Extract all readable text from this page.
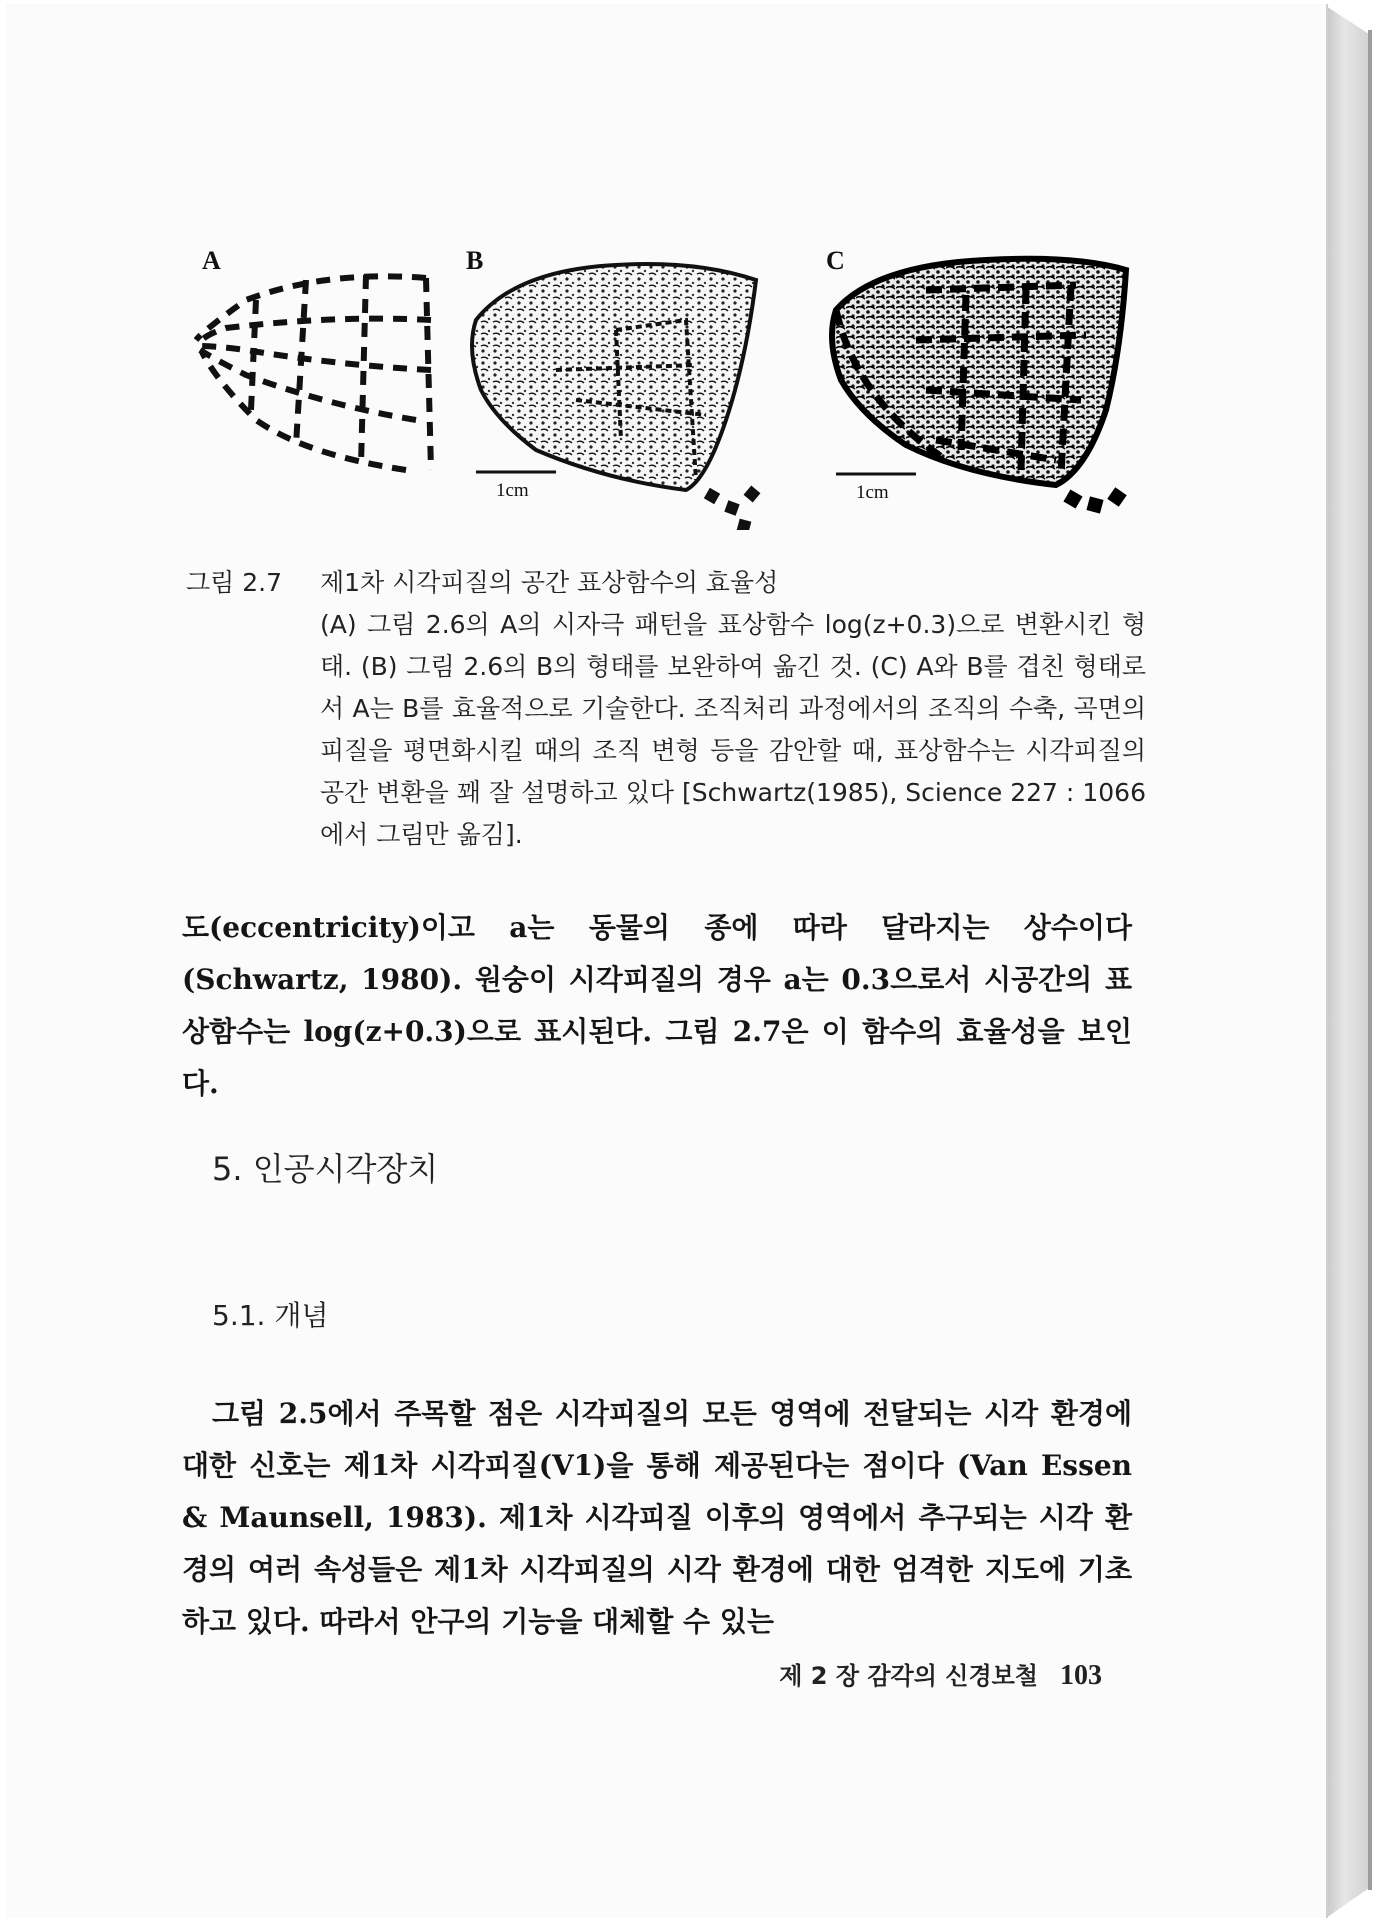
A	B
1cm
C
1cm
그림 2.7 제1차 시각피질의 공간 표상함수의 효율성
(A) 그림 2.6의 A의 시자극 패턴을 표상함수 log(z+0.3)으로 변환시킨 형태. (B) 그림 2.6의 B의 형태를 보완하여 옮긴 것. (C) A와 B를 겹친 형태로서 A는 B를 효율적으로 기술한다. 조직처리 과정에서의 조직의 수축, 곡면의 피질을 평면화시킬 때의 조직 변형 등을 감안할 때, 표상함수는 시각피질의 공간 변환을 꽤 잘 설명하고 있다 [Schwartz(1985), Science 227 : 1066에서 그림만 옮김].
도(eccentricity)이고 a는 동물의 종에 따라 달라지는 상수이다(Schwartz, 1980). 원숭이 시각피질의 경우 a는 0.3으로서 시공간의 표상함수는 log(z+0.3)으로 표시된다. 그림 2.7은 이 함수의 효율성을 보인다.
5. 인공시각장치
5.1. 개념
그림 2.5에서 주목할 점은 시각피질의 모든 영역에 전달되는 시각 환경에 대한 신호는 제1차 시각피질(V1)을 통해 제공된다는 점이다 (Van Essen & Maunsell, 1983). 제1차 시각피질 이후의 영역에서 추구되는 시각 환경의 여러 속성들은 제1차 시각피질의 시각 환경에 대한 엄격한 지도에 기초하고 있다. 따라서 안구의 기능을 대체할 수 있는
제 2 장 감각의 신경보철 103
